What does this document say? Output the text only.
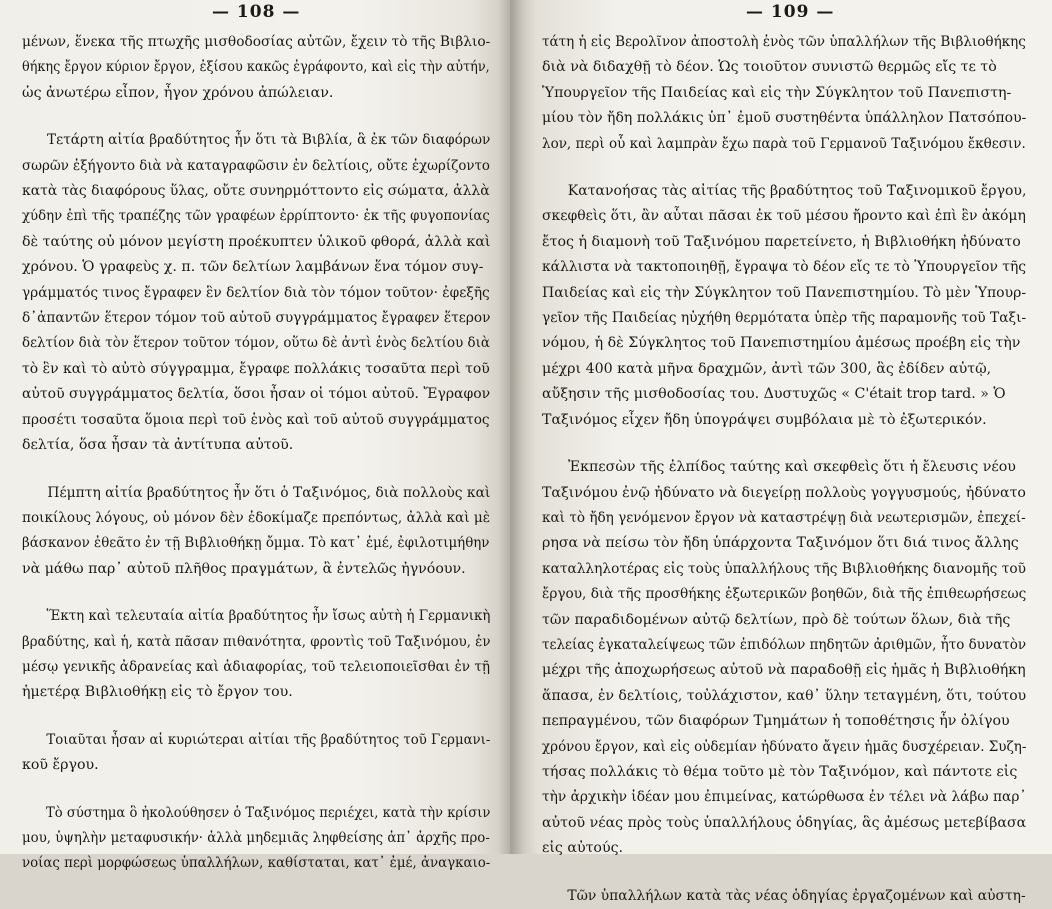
— 108 —

μένων, ἕνεκα τῆς πτωχῆς μισθοδοσίας αὐτῶν, ἔχειν τὸ τῆς Βιβλιο-
θήκης ἔργον κύριον ἔργον, ἐξίσου κακῶς ἐγράφοντο, καὶ εἰς τὴν αὐτήν,
ὡς ἀνωτέρω εἶπον, ἦγον χρόνου ἀπώλειαν.

Τετάρτη αἰτία βραδύτητος ἦν ὅτι τὰ Βιβλία, ἃ ἐκ τῶν διαφόρων
σωρῶν ἐξήγοντο διὰ νὰ καταγραφῶσιν ἐν δελτίοις, οὔτε ἐχωρίζοντο
κατὰ τὰς διαφόρους ὕλας, οὔτε συνηρμόττοντο εἰς σώματα, ἀλλὰ
χύδην ἐπὶ τῆς τραπέζης τῶν γραφέων ἐρρίπτοντο· ἐκ τῆς φυγοπονίας
δὲ ταύτης οὐ μόνον μεγίστη προέκυπτεν ὑλικοῦ φθορά, ἀλλὰ καὶ
χρόνου. Ὁ γραφεὺς χ. π. τῶν δελτίων λαμβάνων ἕνα τόμον συγ-
γράμματός τινος ἔγραφεν ἓν δελτίον διὰ τὸν τόμον τοῦτον· ἐφεξῆς
δ᾽ἀπαντῶν ἕτερον τόμον τοῦ αὐτοῦ συγγράμματος ἔγραφεν ἕτερον
δελτίον διὰ τὸν ἕτερον τοῦτον τόμον, οὕτω δὲ ἀντὶ ἑνὸς δελτίου διὰ
τὸ ἓν καὶ τὸ αὐτὸ σύγγραμμα, ἔγραφε πολλάκις τοσαῦτα περὶ τοῦ
αὐτοῦ συγγράμματος δελτία, ὅσοι ἦσαν οἱ τόμοι αὐτοῦ. Ἔγραφον
προσέτι τοσαῦτα ὅμοια περὶ τοῦ ἑνὸς καὶ τοῦ αὐτοῦ συγγράμματος
δελτία, ὅσα ἦσαν τὰ ἀντίτυπα αὐτοῦ.

Πέμπτη αἰτία βραδύτητος ἦν ὅτι ὁ Ταξινόμος, διὰ πολλοὺς καὶ
ποικίλους λόγους, οὐ μόνον δὲν ἐδοκίμαζε πρεπόντως, ἀλλὰ καὶ μὲ
βάσκανον ἐθεᾶτο ἐν τῇ Βιβλιοθήκῃ ὄμμα. Τὸ κατ᾽ ἐμέ, ἐφιλοτιμήθην
νὰ μάθω παρ᾽ αὐτοῦ πλῆθος πραγμάτων, ἃ ἐντελῶς ἠγνόουν.

Ἕκτη καὶ τελευταία αἰτία βραδύτητος ἦν ἴσως αὐτὴ ἡ Γερμανικὴ
βραδύτης, καὶ ἡ, κατὰ πᾶσαν πιθανότητα, φροντὶς τοῦ Ταξινόμου, ἐν
μέσῳ γενικῆς ἀδρανείας καὶ ἀδιαφορίας, τοῦ τελειοποιεῖσθαι ἐν τῇ
ἡμετέρᾳ Βιβλιοθήκῃ εἰς τὸ ἔργον του.

Τοιαῦται ἦσαν αἱ κυριώτεραι αἰτίαι τῆς βραδύτητος τοῦ Γερμανι-
κοῦ ἔργου.

Τὸ σύστημα ὃ ἠκολούθησεν ὁ Ταξινόμος περιέχει, κατὰ τὴν κρίσιν
μου, ὑψηλὴν μεταφυσικήν· ἀλλὰ μηδεμιᾶς ληφθείσης ἀπ᾽ ἀρχῆς προ-
νοίας περὶ μορφώσεως ὑπαλλήλων, καθίσταται, κατ᾽ ἐμέ, ἀναγκαιο-

— 109 —

τάτη ἡ εἰς Βερολῖνον ἀποστολὴ ἑνὸς τῶν ὑπαλλήλων τῆς Βιβλιοθήκης
διὰ νὰ διδαχθῇ τὸ δέον. Ὡς τοιοῦτον συνιστῶ θερμῶς εἴς τε τὸ
Ὑπουργεῖον τῆς Παιδείας καὶ εἰς τὴν Σύγκλητον τοῦ Πανεπιστη-
μίου τὸν ἤδη πολλάκις ὑπ᾽ ἐμοῦ συστηθέντα ὑπάλληλον Πατσόπου-
λον, περὶ οὗ καὶ λαμπρὰν ἔχω παρὰ τοῦ Γερμανοῦ Ταξινόμου ἔκθεσιν.

Κατανοήσας τὰς αἰτίας τῆς βραδύτητος τοῦ Ταξινομικοῦ ἔργου,
σκεφθεὶς ὅτι, ἂν αὗται πᾶσαι ἐκ τοῦ μέσου ἤροντο καὶ ἐπὶ ἓν ἀκόμη
ἔτος ἡ διαμονὴ τοῦ Ταξινόμου παρετείνετο, ἡ Βιβλιοθήκη ἠδύνατο
κάλλιστα νὰ τακτοποιηθῇ, ἔγραψα τὸ δέον εἴς τε τὸ Ὑπουργεῖον τῆς
Παιδείας καὶ εἰς τὴν Σύγκλητον τοῦ Πανεπιστημίου. Τὸ μὲν Ὑπουρ-
γεῖον τῆς Παιδείας ηὐχήθη θερμότατα ὑπὲρ τῆς παραμονῆς τοῦ Ταξι-
νόμου, ἡ δὲ Σύγκλητος τοῦ Πανεπιστημίου ἀμέσως προέβη εἰς τὴν
μέχρι 400 κατὰ μῆνα δραχμῶν, ἀντὶ τῶν 300, ἃς ἐδίδεν αὐτῷ,
αὔξησιν τῆς μισθοδοσίας του. Δυστυχῶς « C'était trop tard. » Ὁ
Ταξινόμος εἶχεν ἤδη ὑπογράψει συμβόλαια μὲ τὸ ἐξωτερικόν.

Ἐκπεσὼν τῆς ἐλπίδος ταύτης καὶ σκεφθεὶς ὅτι ἡ ἔλευσις νέου
Ταξινόμου ἐνῷ ἠδύνατο νὰ διεγείρῃ πολλοὺς γογγυσμούς, ἠδύνατο
καὶ τὸ ἤδη γενόμενον ἔργον νὰ καταστρέψῃ διὰ νεωτερισμῶν, ἐπεχεί-
ρησα νὰ πείσω τὸν ἤδη ὑπάρχοντα Ταξινόμον ὅτι διά τινος ἄλλης
καταλληλοτέρας εἰς τοὺς ὑπαλλήλους τῆς Βιβλιοθήκης διανομῆς τοῦ
ἔργου, διὰ τῆς προσθήκης ἐξωτερικῶν βοηθῶν, διὰ τῆς ἐπιθεωρήσεως
τῶν παραδιδομένων αὐτῷ δελτίων, πρὸ δὲ τούτων ὅλων, διὰ τῆς
τελείας ἐγκαταλείψεως τῶν ἐπιδόλων πηδητῶν ἀριθμῶν, ἦτο δυνατὸν
μέχρι τῆς ἀποχωρήσεως αὐτοῦ νὰ παραδοθῇ εἰς ἡμᾶς ἡ Βιβλιοθήκη
ἅπασα, ἐν δελτίοις, τοὐλάχιστον, καθ᾽ ὕλην τεταγμένη, ὅτι, τούτου
πεπραγμένου, τῶν διαφόρων Τμημάτων ἡ τοποθέτησις ἦν ὀλίγου
χρόνου ἔργον, καὶ εἰς οὐδεμίαν ἠδύνατο ἄγειν ἡμᾶς δυσχέρειαν. Συζη-
τήσας πολλάκις τὸ θέμα τοῦτο μὲ τὸν Ταξινόμον, καὶ πάντοτε εἰς
τὴν ἀρχικὴν ἰδέαν μου ἐπιμείνας, κατώρθωσα ἐν τέλει νὰ λάβω παρ᾽
αὐτοῦ νέας πρὸς τοὺς ὑπαλλήλους ὁδηγίας, ἃς ἀμέσως μετεβίβασα
εἰς αὐτούς.

Τῶν ὑπαλλήλων κατὰ τὰς νέας ὁδηγίας ἐργαζομένων καὶ αὐστη-
